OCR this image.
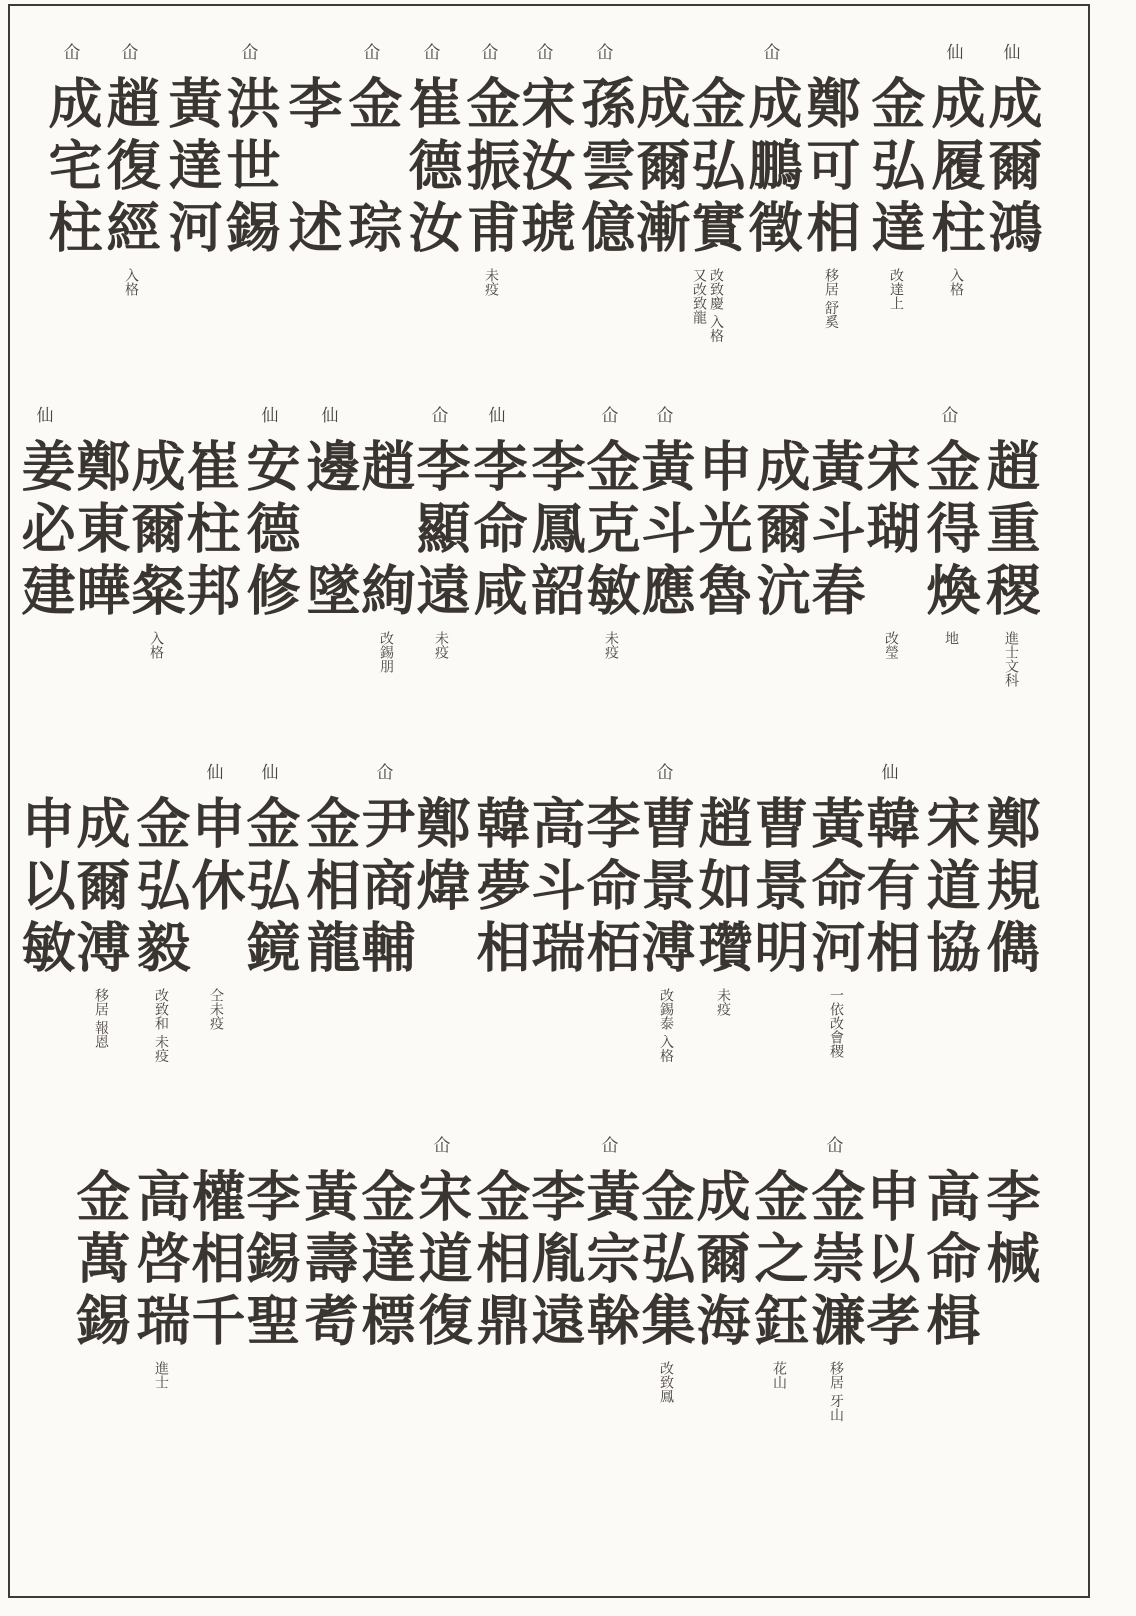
成爾鴻
仙
成履柱
仙
入格
金弘達
改達上
鄭可相
移居 舒奚
成鵬徵
仚
金弘實
改致慶 入格
又改致龍
成爾漸
孫雲億
仚
宋汝琥
仚
金振甫
仚
未疫
崔德汝
仚
金琮
仚
李述
洪世錫
仚
黃達河
趙復經
仚
入格
成宅柱
仚
趙重稷
進士文科
金得煥
仚
地
宋瑚
改瑩
黃斗春
成爾沆
申光魯
黃斗應
仚
金克敏
仚
未疫
李鳳韶
李命咸
仙
李顯遠
仚
未疫
趙絢
改錫朋
邊墜
仙
安德修
仙
崔柱邦
成爾粲
入格
鄭東曄
姜必建
仙
鄭規儁
宋道協
韓有相
仙
黃命河
一依改會稷
曹景明
趙如瓚
未疫
曹景溥
仚
改錫泰 入格
李命栢
高斗瑞
韓夢相
鄭煒
尹商輔
仚
金相龍
金弘鏡
仙
申休
仙
仝未疫
金弘毅
改致和 未疫
成爾溥
移居 報恩
申以敏
李椷
高命楫
申以孝
金崇濂
仚
移居 牙山
金之鈺
花山
成爾海
金弘集
改致鳳
黃宗榦
仚
李胤遠
金相鼎
宋道復
仚
金達標
黃壽耉
李錫聖
權相千
高啓瑞
進士
金萬錫
